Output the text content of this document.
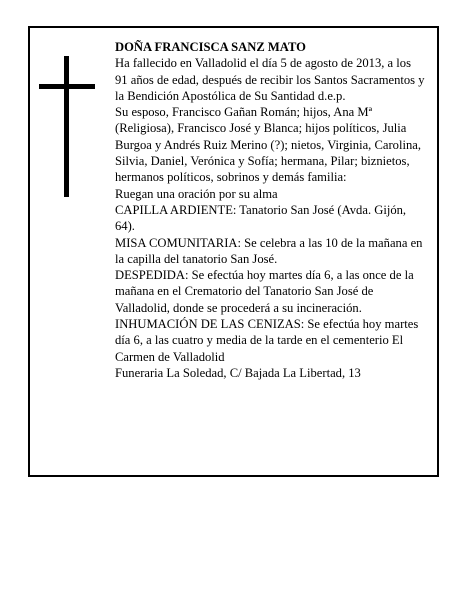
DOÑA FRANCISCA SANZ MATO

Ha fallecido en Valladolid el día 5 de agosto de 2013, a los 91 años de edad, después de recibir los Santos Sacramentos y la Bendición Apostólica de Su Santidad d.e.p.

Su esposo, Francisco Gañan Román; hijos, Ana Mª (Religiosa), Francisco José y Blanca; hijos políticos, Julia Burgoa y Andrés Ruiz Merino (?); nietos, Virginia, Carolina, Silvia, Daniel, Verónica y Sofía; hermana, Pilar; biznietos, hermanos políticos, sobrinos y demás familia:

Ruegan una oración por su alma

CAPILLA ARDIENTE: Tanatorio San José (Avda. Gijón, 64).

MISA COMUNITARIA: Se celebra a las 10 de la mañana en la capilla del tanatorio San José.

DESPEDIDA: Se efectúa hoy martes día 6, a las once de la mañana en el Crematorio del Tanatorio San José de Valladolid, donde se procederá a su incineración.

INHUMACIÓN DE LAS CENIZAS: Se efectúa hoy martes día 6, a las cuatro y media de la tarde en el cementerio El Carmen de Valladolid

Funeraria La Soledad, C/ Bajada La Libertad, 13
